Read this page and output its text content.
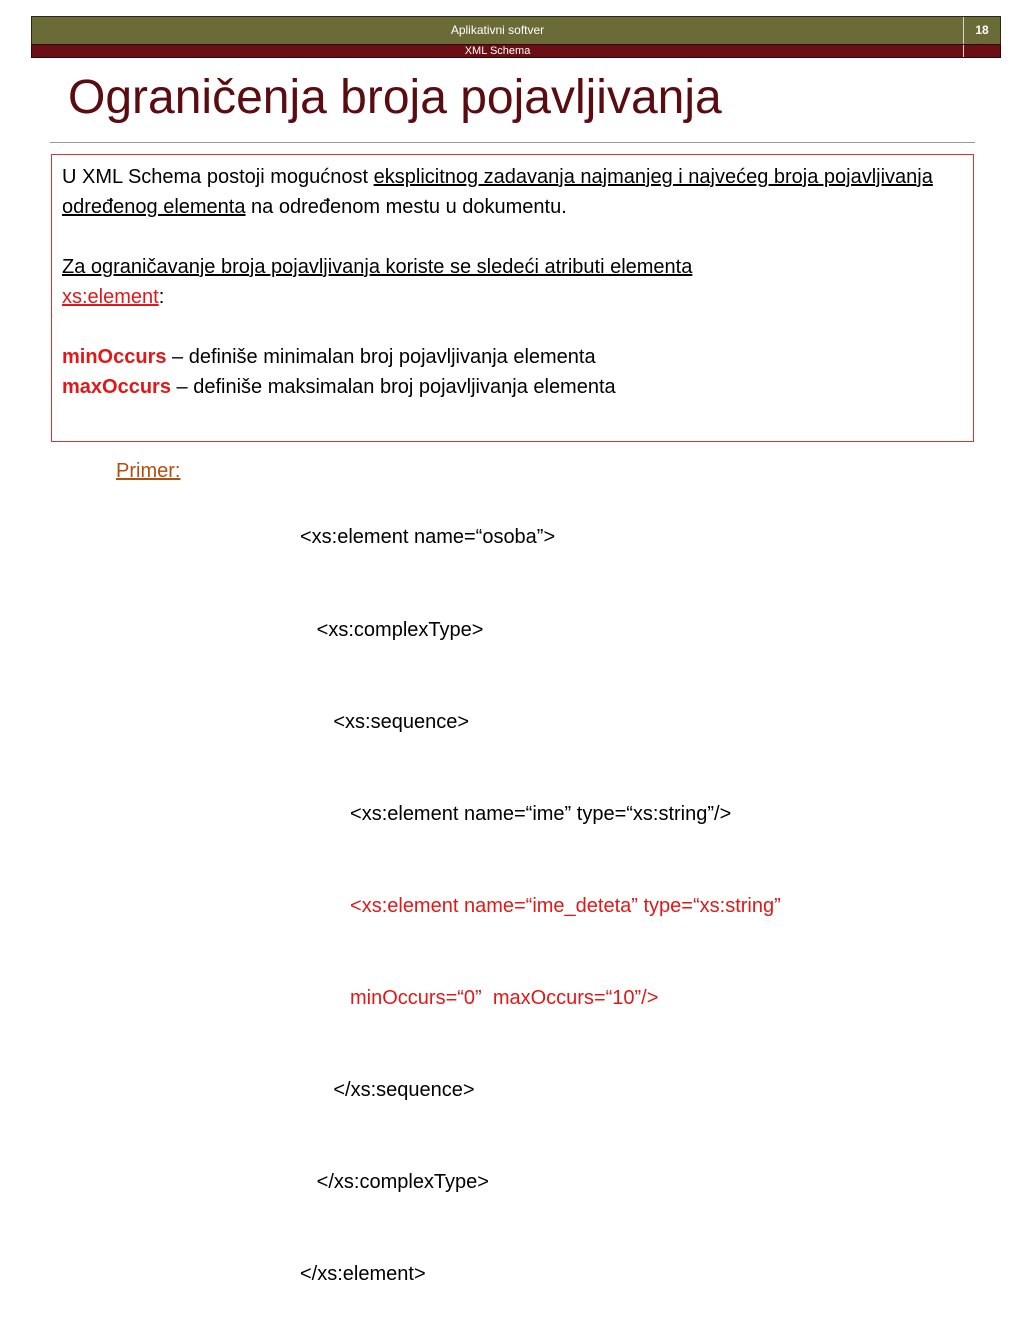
Aplikativni softver	18
XML Schema
Ograničenja broja pojavljivanja

U XML Schema postoji mogućnost eksplicitnog zadavanja najmanjeg i najvećeg broja pojavljivanja određenog elementa na određenom mestu u dokumentu.

Za ograničavanje broja pojavljivanja koriste se sledeći atributi elementa
xs:element:

minOccurs – definiše minimalan broj pojavljivanja elementa

maxOccurs – definiše maksimalan broj pojavljivanja elementa

Primer:

<xs:element name=“osoba”>

<xs:complexType>

<xs:sequence>

<xs:element name=“ime” type=“xs:string”/>

<xs:element name=“ime_deteta” type=“xs:string”

minOccurs=“0”  maxOccurs=“10”/>

</xs:sequence>

</xs:complexType>

</xs:element>
